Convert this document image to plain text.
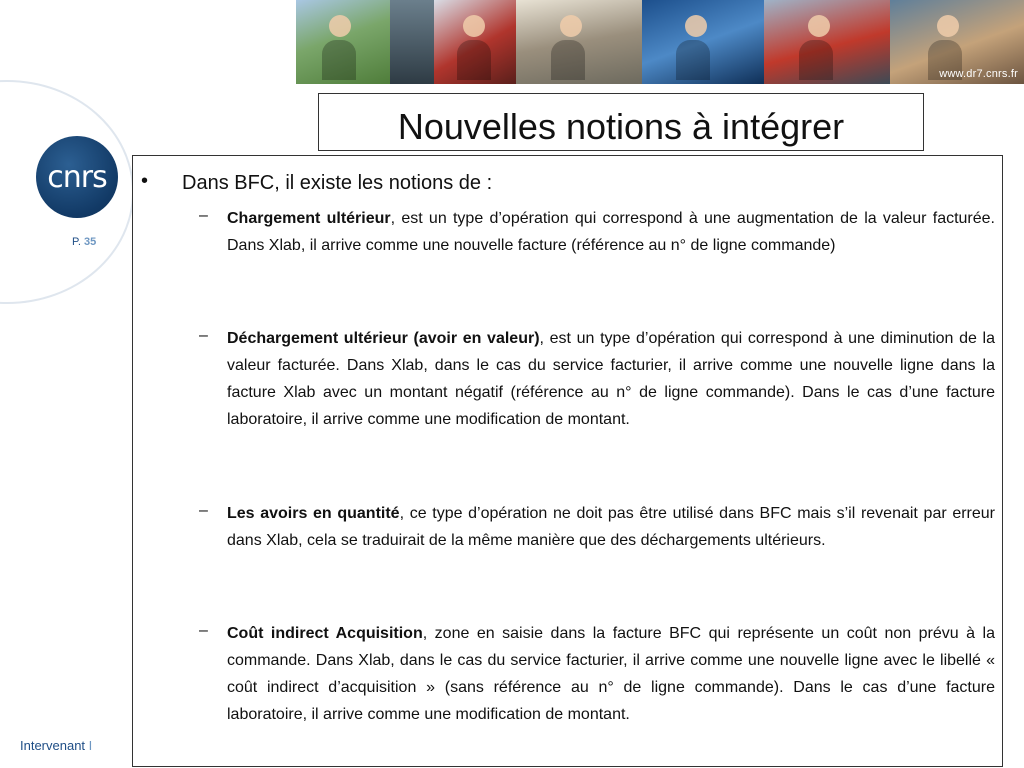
www.dr7.cnrs.fr
cnrs
P. 35
Intervenant I
Nouvelles notions à intégrer
• Dans BFC, il existe les notions de :
– Chargement ultérieur, est un type d’opération qui correspond à une augmentation de la valeur facturée. Dans Xlab, il arrive comme une nouvelle facture (référence au n° de ligne commande)
– Déchargement ultérieur (avoir en valeur), est un type d’opération qui correspond à une diminution de la valeur facturée. Dans Xlab, dans le cas du service facturier, il arrive comme une nouvelle ligne dans la facture Xlab avec un montant négatif (référence au n° de ligne commande). Dans le cas d’une facture laboratoire, il arrive comme une modification de montant.
– Les avoirs en quantité, ce type d’opération ne doit pas être utilisé dans BFC mais s’il revenait par erreur dans Xlab, cela se traduirait de la même manière que des déchargements ultérieurs.
– Coût indirect Acquisition, zone en saisie dans la facture BFC qui représente un coût non prévu à la commande. Dans Xlab, dans le cas du service facturier, il arrive comme une nouvelle ligne avec le libellé « coût indirect d’acquisition » (sans référence au n° de ligne commande). Dans le cas d’une facture laboratoire, il arrive comme une modification de montant.
